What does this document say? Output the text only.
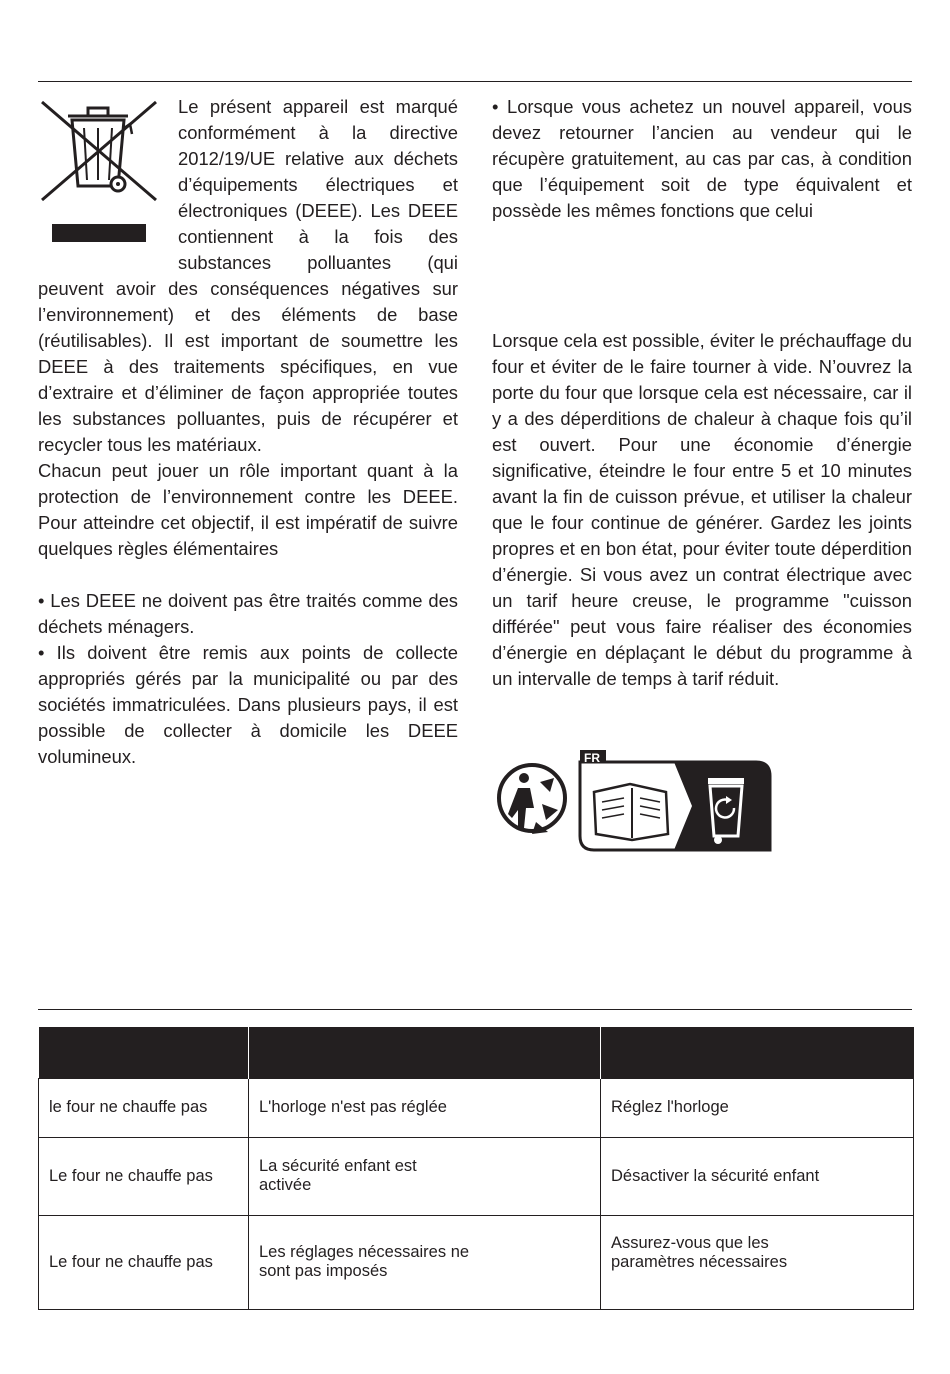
Le présent appareil est marqué conformément à la directive 2012/19/UE relative aux déchets d’équipements électriques et électroniques (DEEE). Les DEEE contiennent à la fois des substances polluantes (qui peuvent avoir des conséquences négatives sur l’environnement) et des éléments de base (réutilisables). Il est important de soumettre les DEEE à des traitements spécifiques, en vue d’extraire et d’éliminer de façon appropriée toutes les substances polluantes, puis de récupérer et recycler tous les matériaux.

Chacun peut jouer un rôle important quant à la protection de l’environnement contre les DEEE. Pour atteindre cet objectif, il est impératif de suivre quelques règles élémentaires

• Les DEEE ne doivent pas être traités comme des déchets ménagers.

• Ils doivent être remis aux points de collecte appropriés gérés par la municipalité ou par des sociétés immatriculées. Dans plusieurs pays, il est possible de collecter à domicile les DEEE volumineux.

• Lorsque vous achetez un nouvel appareil, vous devez retourner l’ancien au vendeur qui le récupère gratuitement, au cas par cas, à condition que l’équipement soit de type équivalent et possède les mêmes fonctions que celui

Lorsque cela est possible, éviter le préchauffage du four et éviter de le faire tourner à vide. N’ouvrez la porte du four que lorsque cela est nécessaire, car il y a des déperditions de chaleur à chaque fois qu’il est ouvert. Pour une économie d’énergie significative, éteindre le four entre 5 et 10 minutes avant la fin de cuisson prévue, et utiliser la chaleur que le four continue de générer. Gardez les joints propres et en bon état, pour éviter toute déperdition d’énergie. Si vous avez un contrat électrique avec un tarif heure creuse, le programme "cuisson différée" peut vous faire réaliser des économies d’énergie en déplaçant le début du programme à un intervalle de temps à tarif réduit.

FR

le four ne chauffe pas	L'horloge n'est pas réglée	Réglez l'horloge
Le four ne chauffe pas	La sécurité enfant est activée	Désactiver la sécurité enfant
Le four ne chauffe pas	Les réglages nécessaires ne sont pas imposés	Assurez-vous que les paramètres nécessaires
